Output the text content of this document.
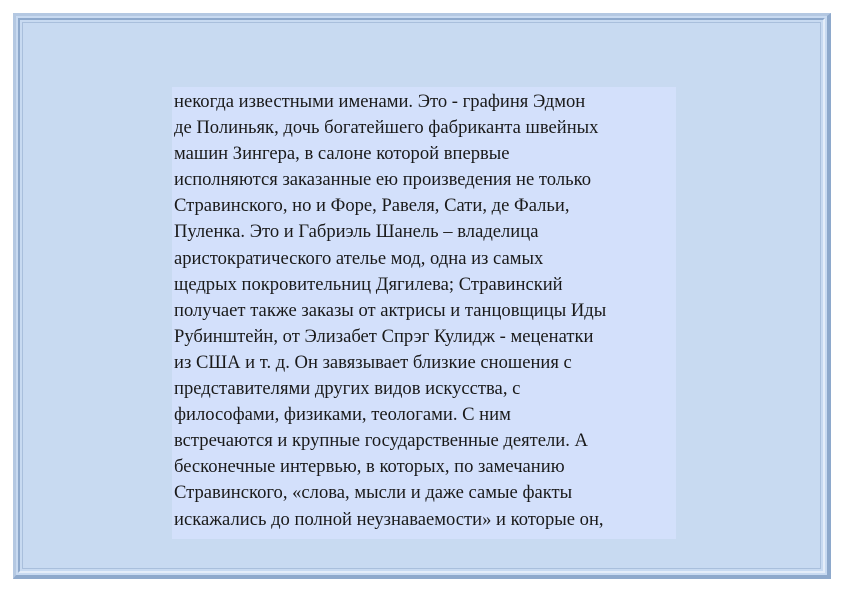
некогда известными именами. Это - графиня Эдмон
де Полиньяк, дочь богатейшего фабриканта швейных
машин Зингера, в салоне которой впервые
исполняются заказанные ею произведения не только
Стравинского, но и Форе, Равеля, Сати, де Фальи,
Пуленка. Это и Габриэль Шанель – владелица
аристократического ателье мод, одна из самых
щедрых покровительниц Дягилева; Стравинский
получает также заказы от актрисы и танцовщицы Иды
Рубинштейн, от Элизабет Спрэг Кулидж - меценатки
из США и т. д. Он завязывает близкие сношения с
представителями других видов искусства, с
философами, физиками, теологами. С ним
встречаются и крупные государственные деятели. А
бесконечные интервью, в которых, по замечанию
Стравинского, «слова, мысли и даже самые факты
искажались до полной неузнаваемости» и которые он,
